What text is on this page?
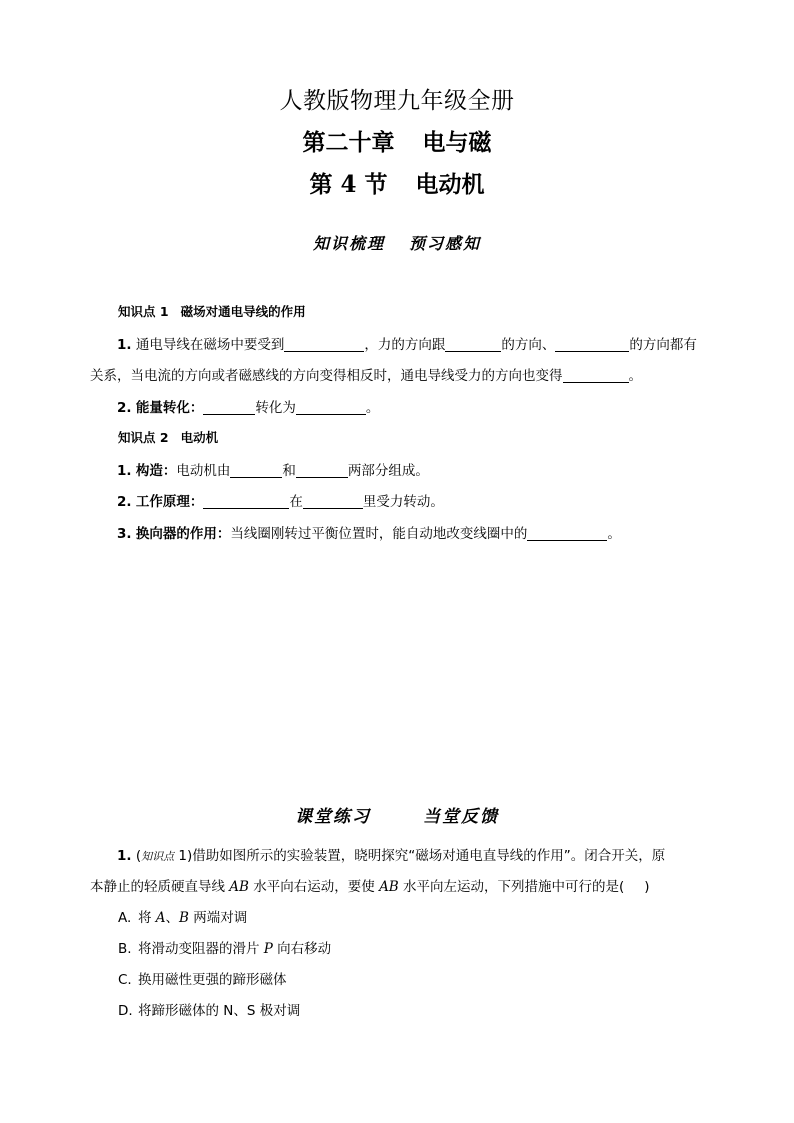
人教版物理九年级全册
第二十章 电与磁
第 4 节 电动机
知识梳理 预习感知
知识点 1 磁场对通电导线的作用
1. 通电导线在磁场中要受到	，力的方向跟	的方向、	的方向都有
关系，当电流的方向或者磁感线的方向变得相反时，通电导线受力的方向也变得	。
2. 能量转化：	转化为	。
知识点 2 电动机
1. 构造：电动机由	和	两部分组成。
2. 工作原理：	在	里受力转动。
3. 换向器的作用：当线圈刚转过平衡位置时，能自动地改变线圈中的	。
课堂练习	当堂反馈
1. (知识点 1)借助如图所示的实验装置，晓明探究“磁场对通电直导线的作用”。闭合开关，原
本静止的轻质硬直导线 AB 水平向右运动，要使 AB 水平向左运动，下列措施中可行的是( )
A. 将 A、B 两端对调
B. 将滑动变阻器的滑片 P 向右移动
C. 换用磁性更强的蹄形磁体
D. 将蹄形磁体的 N、S 极对调
